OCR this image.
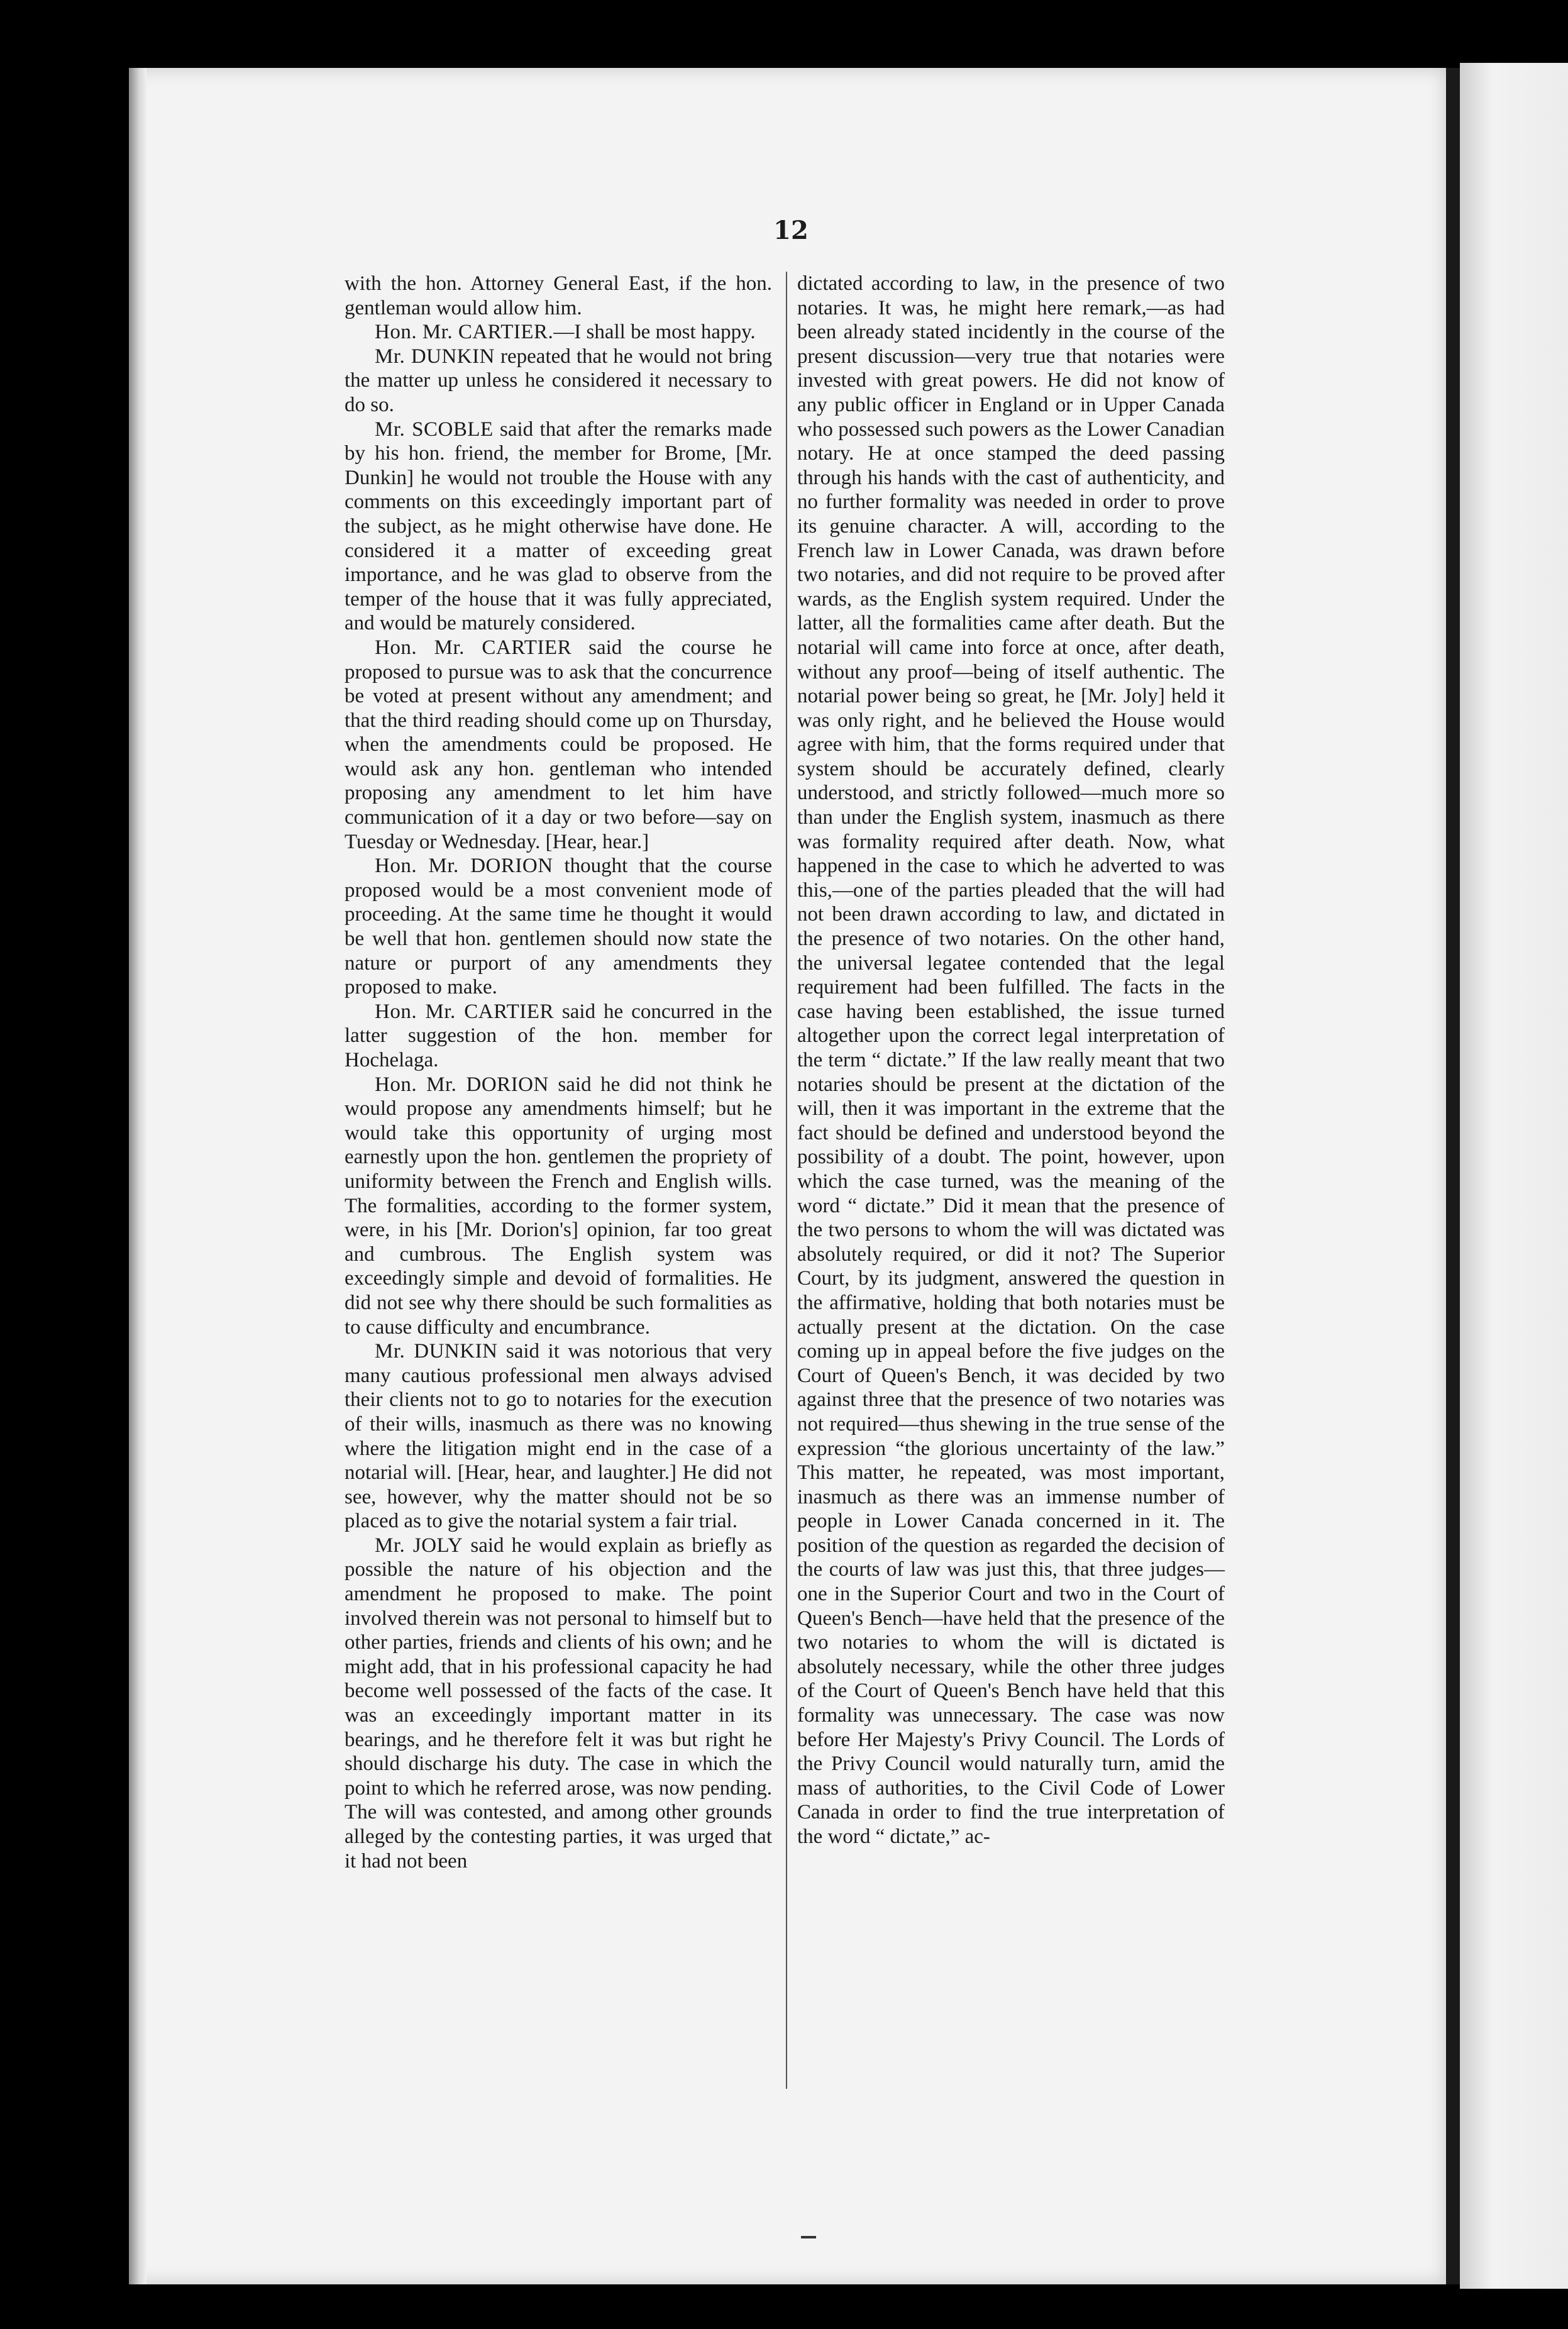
12

with the hon. Attorney General East, if the hon. gentleman would allow him.

Hon. Mr. CARTIER.—I shall be most happy.

Mr. DUNKIN repeated that he would not bring the matter up unless he considered it necessary to do so.

Mr. SCOBLE said that after the remarks made by his hon. friend, the member for Brome, [Mr. Dunkin] he would not trouble the House with any comments on this exceedingly important part of the subject, as he might otherwise have done. He considered it a matter of exceeding great importance, and he was glad to observe from the temper of the house that it was fully appreciated, and would be maturely considered.

Hon. Mr. CARTIER said the course he proposed to pursue was to ask that the concurrence be voted at present without any amendment; and that the third reading should come up on Thursday, when the amendments could be proposed. He would ask any hon. gentleman who intended proposing any amendment to let him have communication of it a day or two before—say on Tuesday or Wednesday. [Hear, hear.]

Hon. Mr. DORION thought that the course proposed would be a most convenient mode of proceeding. At the same time he thought it would be well that hon. gentlemen should now state the nature or purport of any amendments they proposed to make.

Hon. Mr. CARTIER said he concurred in the latter suggestion of the hon. member for Hochelaga.

Hon. Mr. DORION said he did not think he would propose any amendments himself; but he would take this opportunity of urging most earnestly upon the hon. gentlemen the propriety of uniformity between the French and English wills. The formalities, according to the former system, were, in his [Mr. Dorion's] opinion, far too great and cumbrous. The English system was exceedingly simple and devoid of formalities. He did not see why there should be such formalities as to cause difficulty and encumbrance.

Mr. DUNKIN said it was notorious that very many cautious professional men always advised their clients not to go to notaries for the execution of their wills, inasmuch as there was no knowing where the litigation might end in the case of a notarial will. [Hear, hear, and laughter.] He did not see, however, why the matter should not be so placed as to give the notarial system a fair trial.

Mr. JOLY said he would explain as briefly as possible the nature of his objection and the amendment he proposed to make. The point involved therein was not personal to himself but to other parties, friends and clients of his own; and he might add, that in his professional capacity he had become well possessed of the facts of the case. It was an exceedingly important matter in its bearings, and he therefore felt it was but right he should discharge his duty. The case in which the point to which he referred arose, was now pending. The will was contested, and among other grounds alleged by the contesting parties, it was urged that it had not been

dictated according to law, in the presence of two notaries. It was, he might here remark,—as had been already stated incidently in the course of the present discussion—very true that notaries were invested with great powers. He did not know of any public officer in England or in Upper Canada who possessed such powers as the Lower Canadian notary. He at once stamped the deed passing through his hands with the cast of authenticity, and no further formality was needed in order to prove its genuine character. A will, according to the French law in Lower Canada, was drawn before two notaries, and did not require to be proved after wards, as the English system required. Under the latter, all the formalities came after death. But the notarial will came into force at once, after death, without any proof—being of itself authentic. The notarial power being so great, he [Mr. Joly] held it was only right, and he believed the House would agree with him, that the forms required under that system should be accurately defined, clearly understood, and strictly followed—much more so than under the English system, inasmuch as there was formality required after death. Now, what happened in the case to which he adverted to was this,—one of the parties pleaded that the will had not been drawn according to law, and dictated in the presence of two notaries. On the other hand, the universal legatee contended that the legal requirement had been fulfilled. The facts in the case having been established, the issue turned altogether upon the correct legal interpretation of the term “ dictate.” If the law really meant that two notaries should be present at the dictation of the will, then it was important in the extreme that the fact should be defined and understood beyond the possibility of a doubt. The point, however, upon which the case turned, was the meaning of the word “ dictate.” Did it mean that the presence of the two persons to whom the will was dictated was absolutely required, or did it not? The Superior Court, by its judgment, answered the question in the affirmative, holding that both notaries must be actually present at the dictation. On the case coming up in appeal before the five judges on the Court of Queen's Bench, it was decided by two against three that the presence of two notaries was not required—thus shewing in the true sense of the expression “the glorious uncertainty of the law.” This matter, he repeated, was most important, inasmuch as there was an immense number of people in Lower Canada concerned in it. The position of the question as regarded the decision of the courts of law was just this, that three judges—one in the Superior Court and two in the Court of Queen's Bench—have held that the presence of the two notaries to whom the will is dictated is absolutely necessary, while the other three judges of the Court of Queen's Bench have held that this formality was unnecessary. The case was now before Her Majesty's Privy Council. The Lords of the Privy Council would naturally turn, amid the mass of authorities, to the Civil Code of Lower Canada in order to find the true interpretation of the word “ dictate,” ac-
